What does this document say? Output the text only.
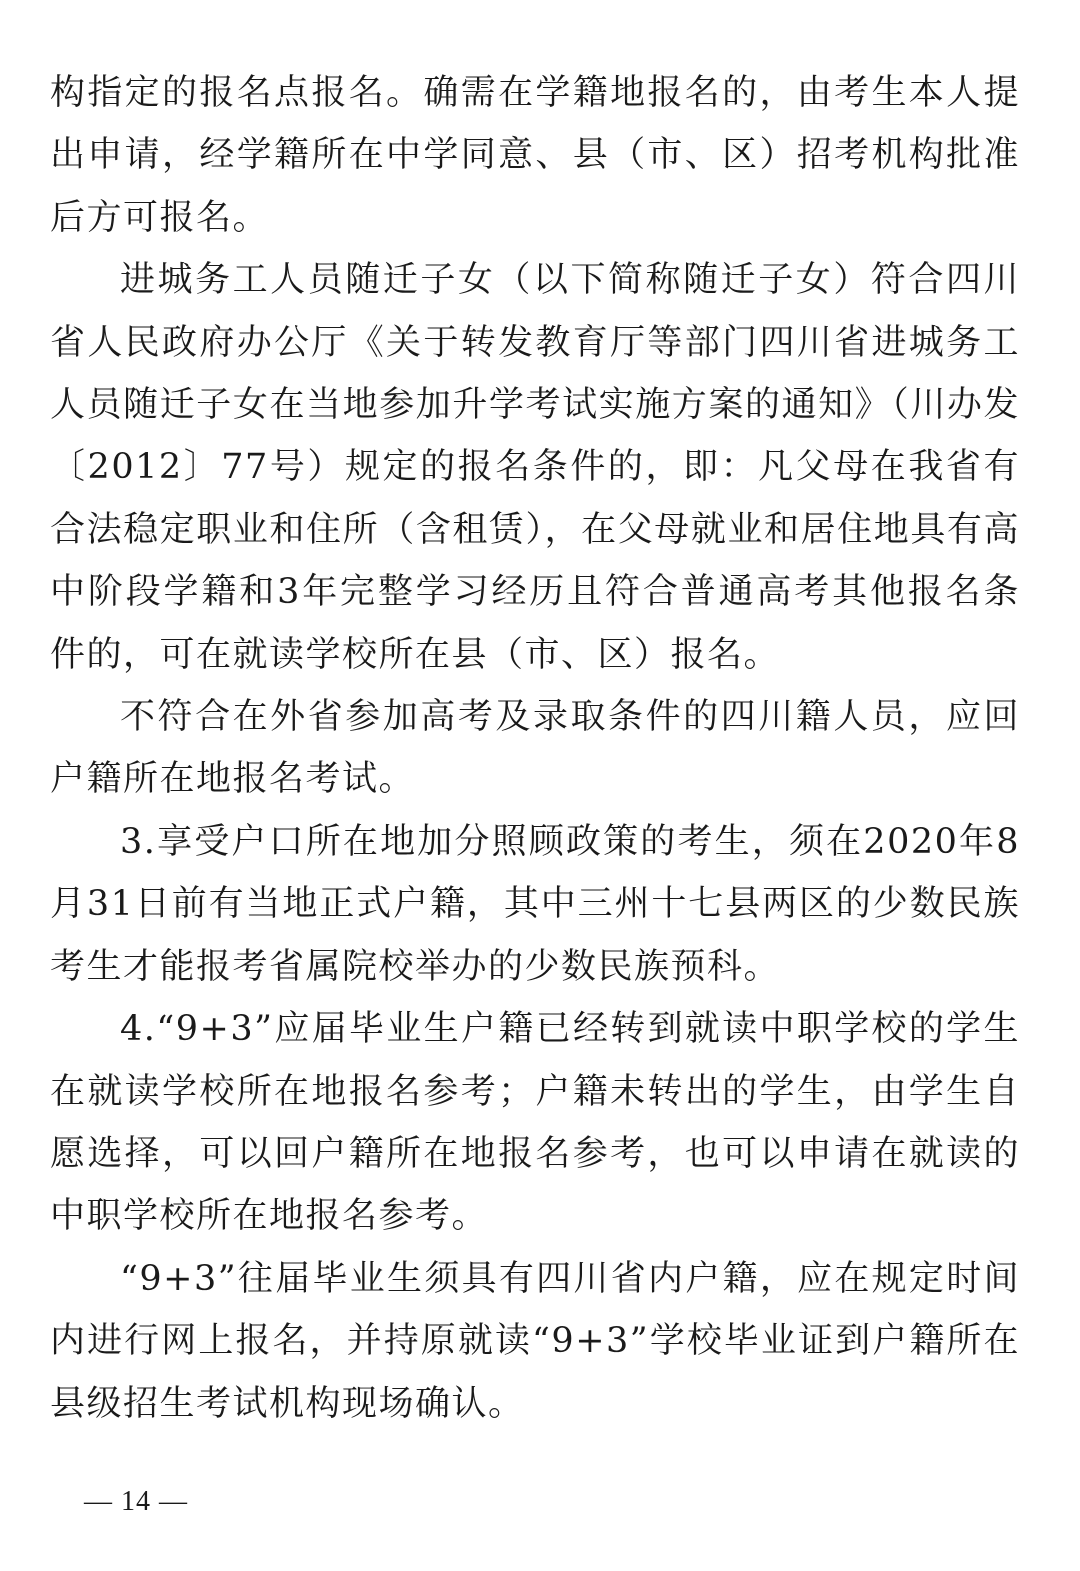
构指定的报名点报名。确需在学籍地报名的，由考生本人提出申请，经学籍所在中学同意、县（市、区）招考机构批准后方可报名。

进城务工人员随迁子女（以下简称随迁子女）符合四川省人民政府办公厅《关于转发教育厅等部门四川省进城务工人员随迁子女在当地参加升学考试实施方案的通知》（川办发〔2012〕77号）规定的报名条件的，即：凡父母在我省有合法稳定职业和住所（含租赁），在父母就业和居住地具有高中阶段学籍和3年完整学习经历且符合普通高考其他报名条件的，可在就读学校所在县（市、区）报名。

不符合在外省参加高考及录取条件的四川籍人员，应回户籍所在地报名考试。

3.享受户口所在地加分照顾政策的考生，须在2020年8月31日前有当地正式户籍，其中三州十七县两区的少数民族考生才能报考省属院校举办的少数民族预科。

4.“9+3”应届毕业生户籍已经转到就读中职学校的学生在就读学校所在地报名参考；户籍未转出的学生，由学生自愿选择，可以回户籍所在地报名参考，也可以申请在就读的中职学校所在地报名参考。

“9+3”往届毕业生须具有四川省内户籍，应在规定时间内进行网上报名，并持原就读“9+3”学校毕业证到户籍所在县级招生考试机构现场确认。

— 14 —
